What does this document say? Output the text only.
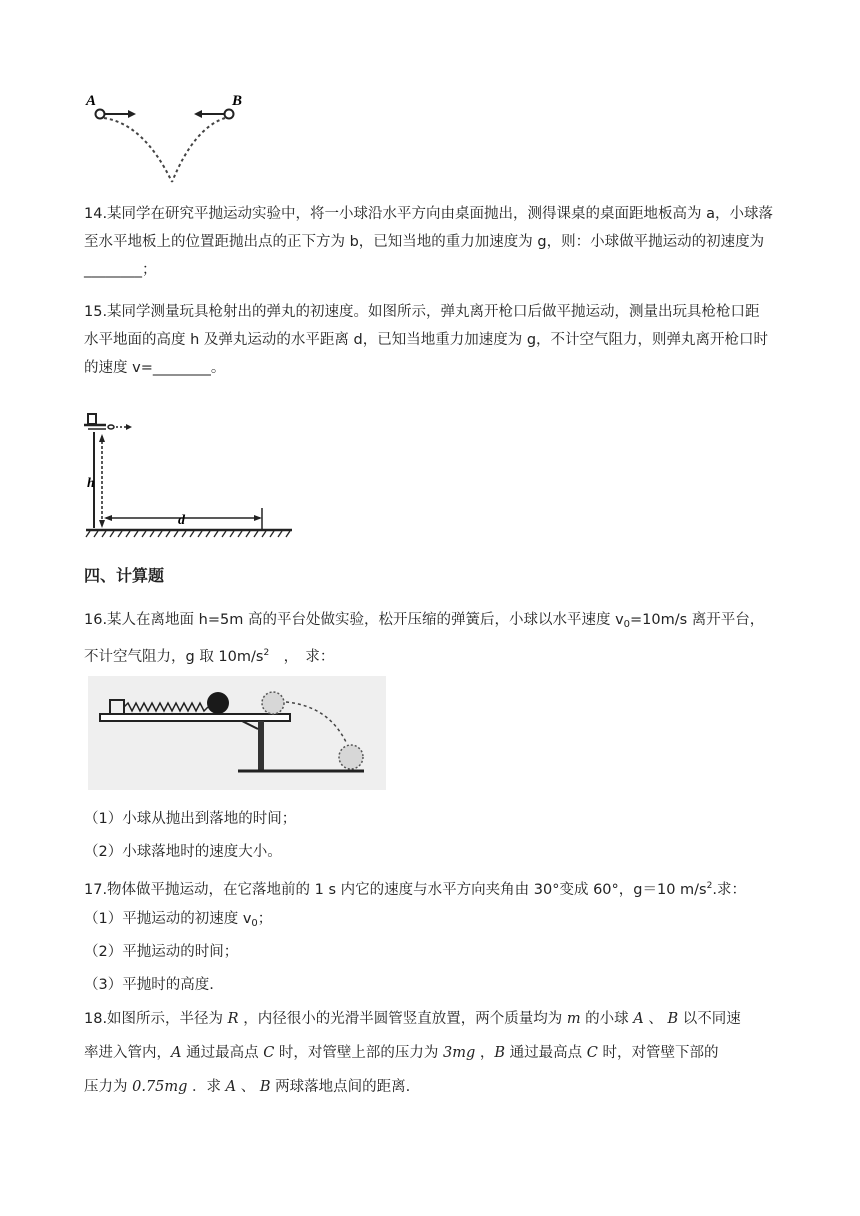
A	B
14.某同学在研究平抛运动实验中，将一小球沿水平方向由桌面抛出，测得课桌的桌面距地板高为 a，小球落至水平地板上的位置距抛出点的正下方为 b，已知当地的重力加速度为 g，则：小球做平抛运动的初速度为________；
15.某同学测量玩具枪射出的弹丸的初速度。如图所示，弹丸离开枪口后做平抛运动，测量出玩具枪枪口距水平地面的高度 h 及弹丸运动的水平距离 d，已知当地重力加速度为 g，不计空气阻力，则弹丸离开枪口时的速度 v=________。
h
d
四、计算题
16.某人在离地面 h=5m 高的平台处做实验，松开压缩的弹簧后，小球以水平速度 $v_0=10m/s$ 离开平台，不计空气阻力，g 取 $10m/s^2$　，　求：
（1）小球从抛出到落地的时间；
（2）小球落地时的速度大小。
17.物体做平抛运动，在它落地前的 1 s 内它的速度与水平方向夹角由 30°变成 60°，g＝10 $m/s^2$.求：
（1）平抛运动的初速度 $v_0$；
（2）平抛运动的时间；
（3）平抛时的高度.
18.如图所示，半径为 R ，内径很小的光滑半圆管竖直放置，两个质量均为 m 的小球 A 、 B 以不同速
率进入管内，A 通过最高点 C 时，对管壁上部的压力为 3mg ，B 通过最高点 C 时，对管壁下部的
压力为 0.75mg ．求 A 、 B 两球落地点间的距离.
